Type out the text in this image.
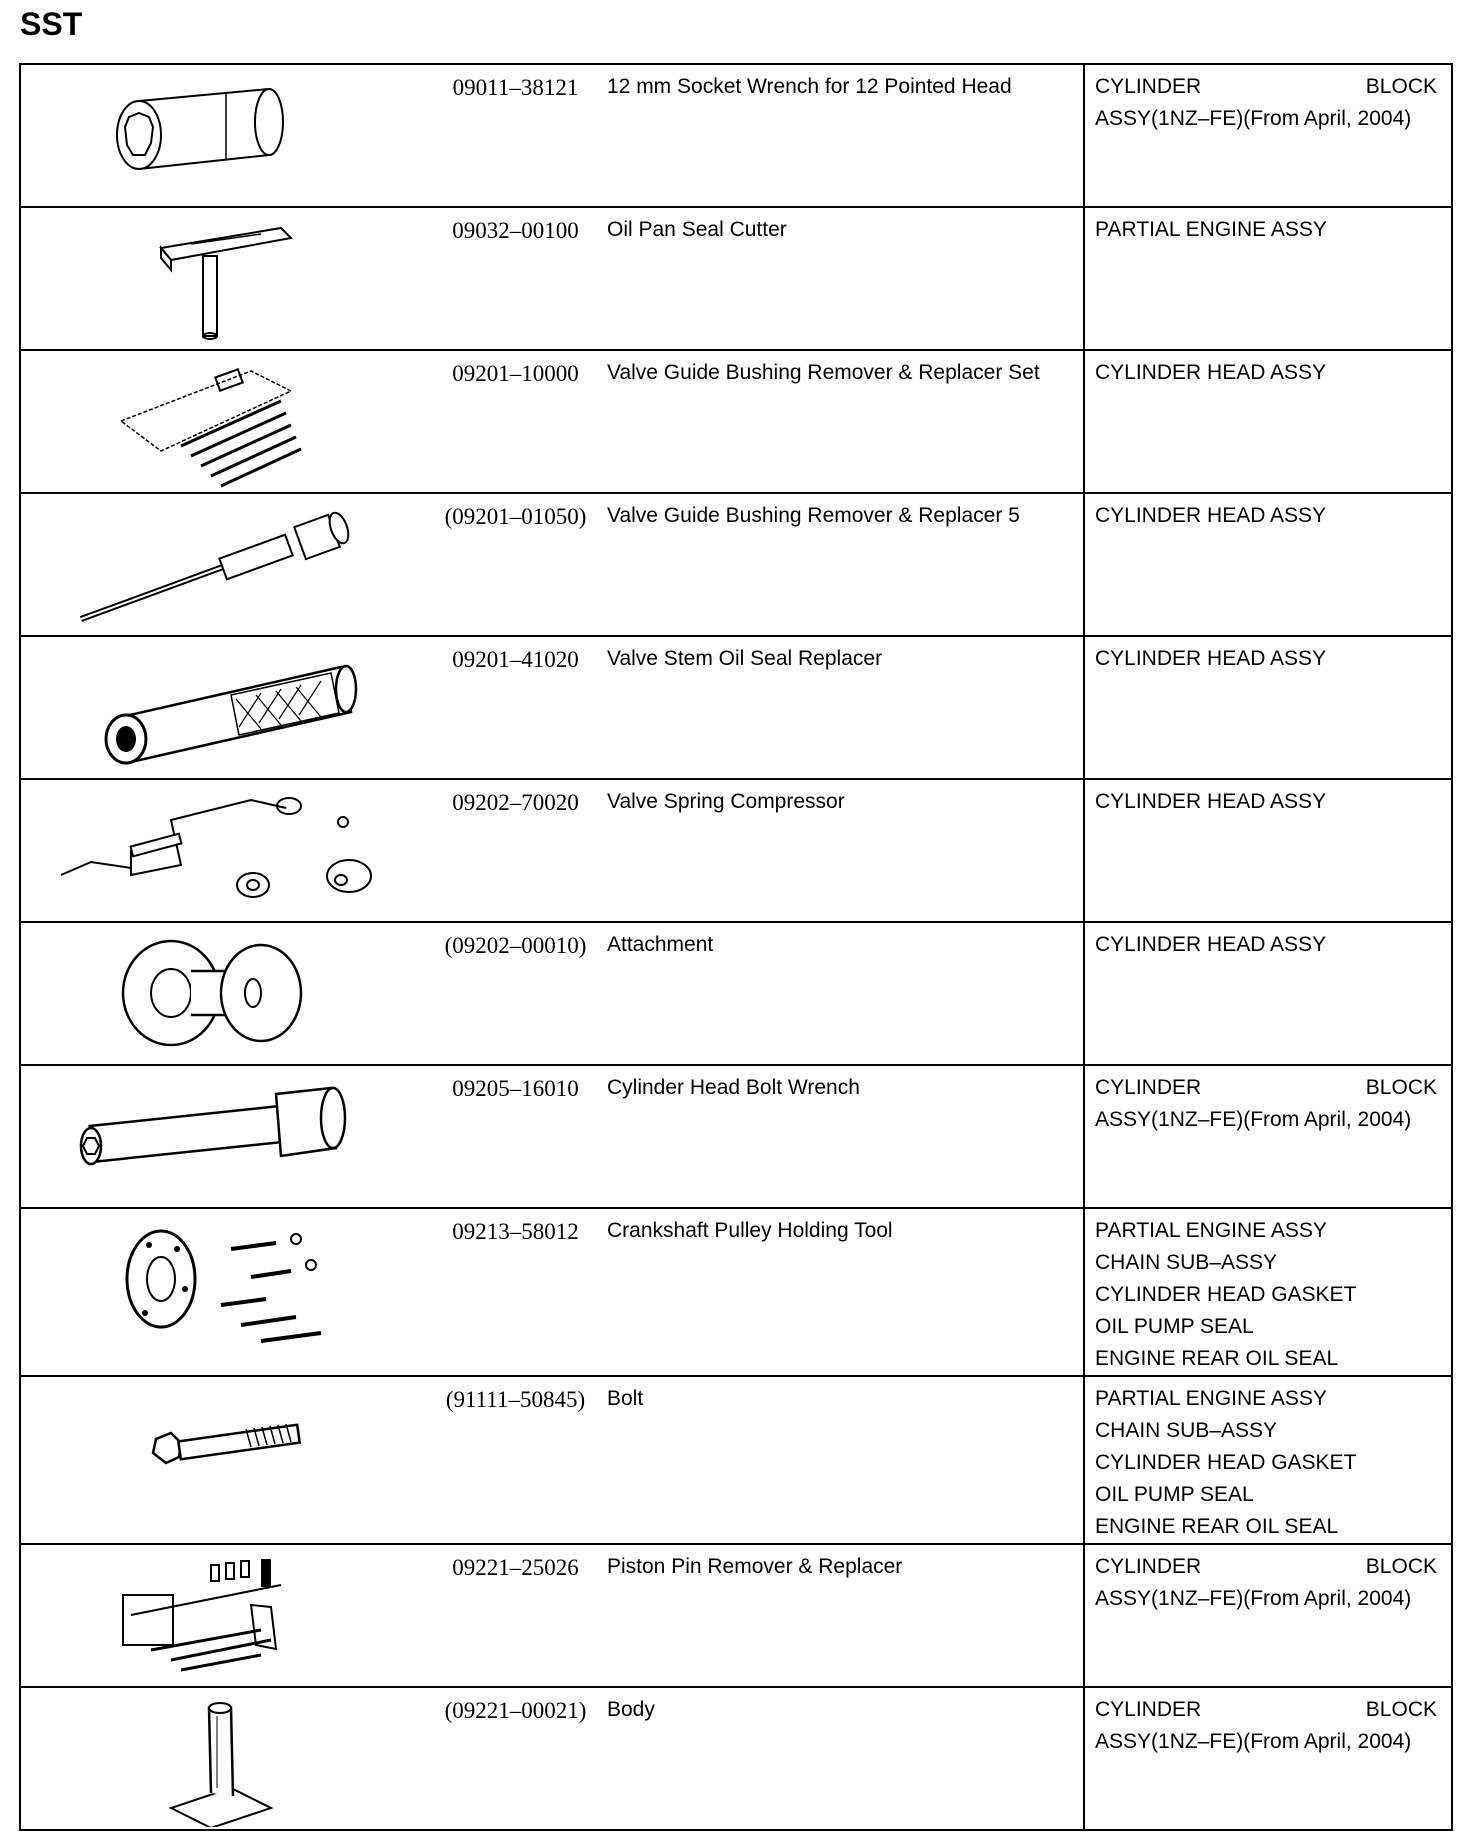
SST
	09011–38121	12 mm Socket Wrench for 12 Pointed Head	CYLINDER BLOCK
ASSY(1NZ–FE)(From April, 2004)

	09032–00100	Oil Pan Seal Cutter	PARTIAL ENGINE ASSY

	09201–10000	Valve Guide Bushing Remover & Replacer Set	CYLINDER HEAD ASSY

	(09201–01050)	Valve Guide Bushing Remover & Replacer 5	CYLINDER HEAD ASSY

	09201–41020	Valve Stem Oil Seal Replacer	CYLINDER HEAD ASSY

	09202–70020	Valve Spring Compressor	CYLINDER HEAD ASSY

	(09202–00010)	Attachment	CYLINDER HEAD ASSY

	09205–16010	Cylinder Head Bolt Wrench	CYLINDER BLOCK
ASSY(1NZ–FE)(From April, 2004)

	09213–58012	Crankshaft Pulley Holding Tool	PARTIAL ENGINE ASSY
CHAIN SUB–ASSY
CYLINDER HEAD GASKET
OIL PUMP SEAL
ENGINE REAR OIL SEAL

	(91111–50845)	Bolt	PARTIAL ENGINE ASSY
CHAIN SUB–ASSY
CYLINDER HEAD GASKET
OIL PUMP SEAL
ENGINE REAR OIL SEAL

	09221–25026	Piston Pin Remover & Replacer	CYLINDER BLOCK
ASSY(1NZ–FE)(From April, 2004)

	(09221–00021)	Body	CYLINDER BLOCK
ASSY(1NZ–FE)(From April, 2004)
